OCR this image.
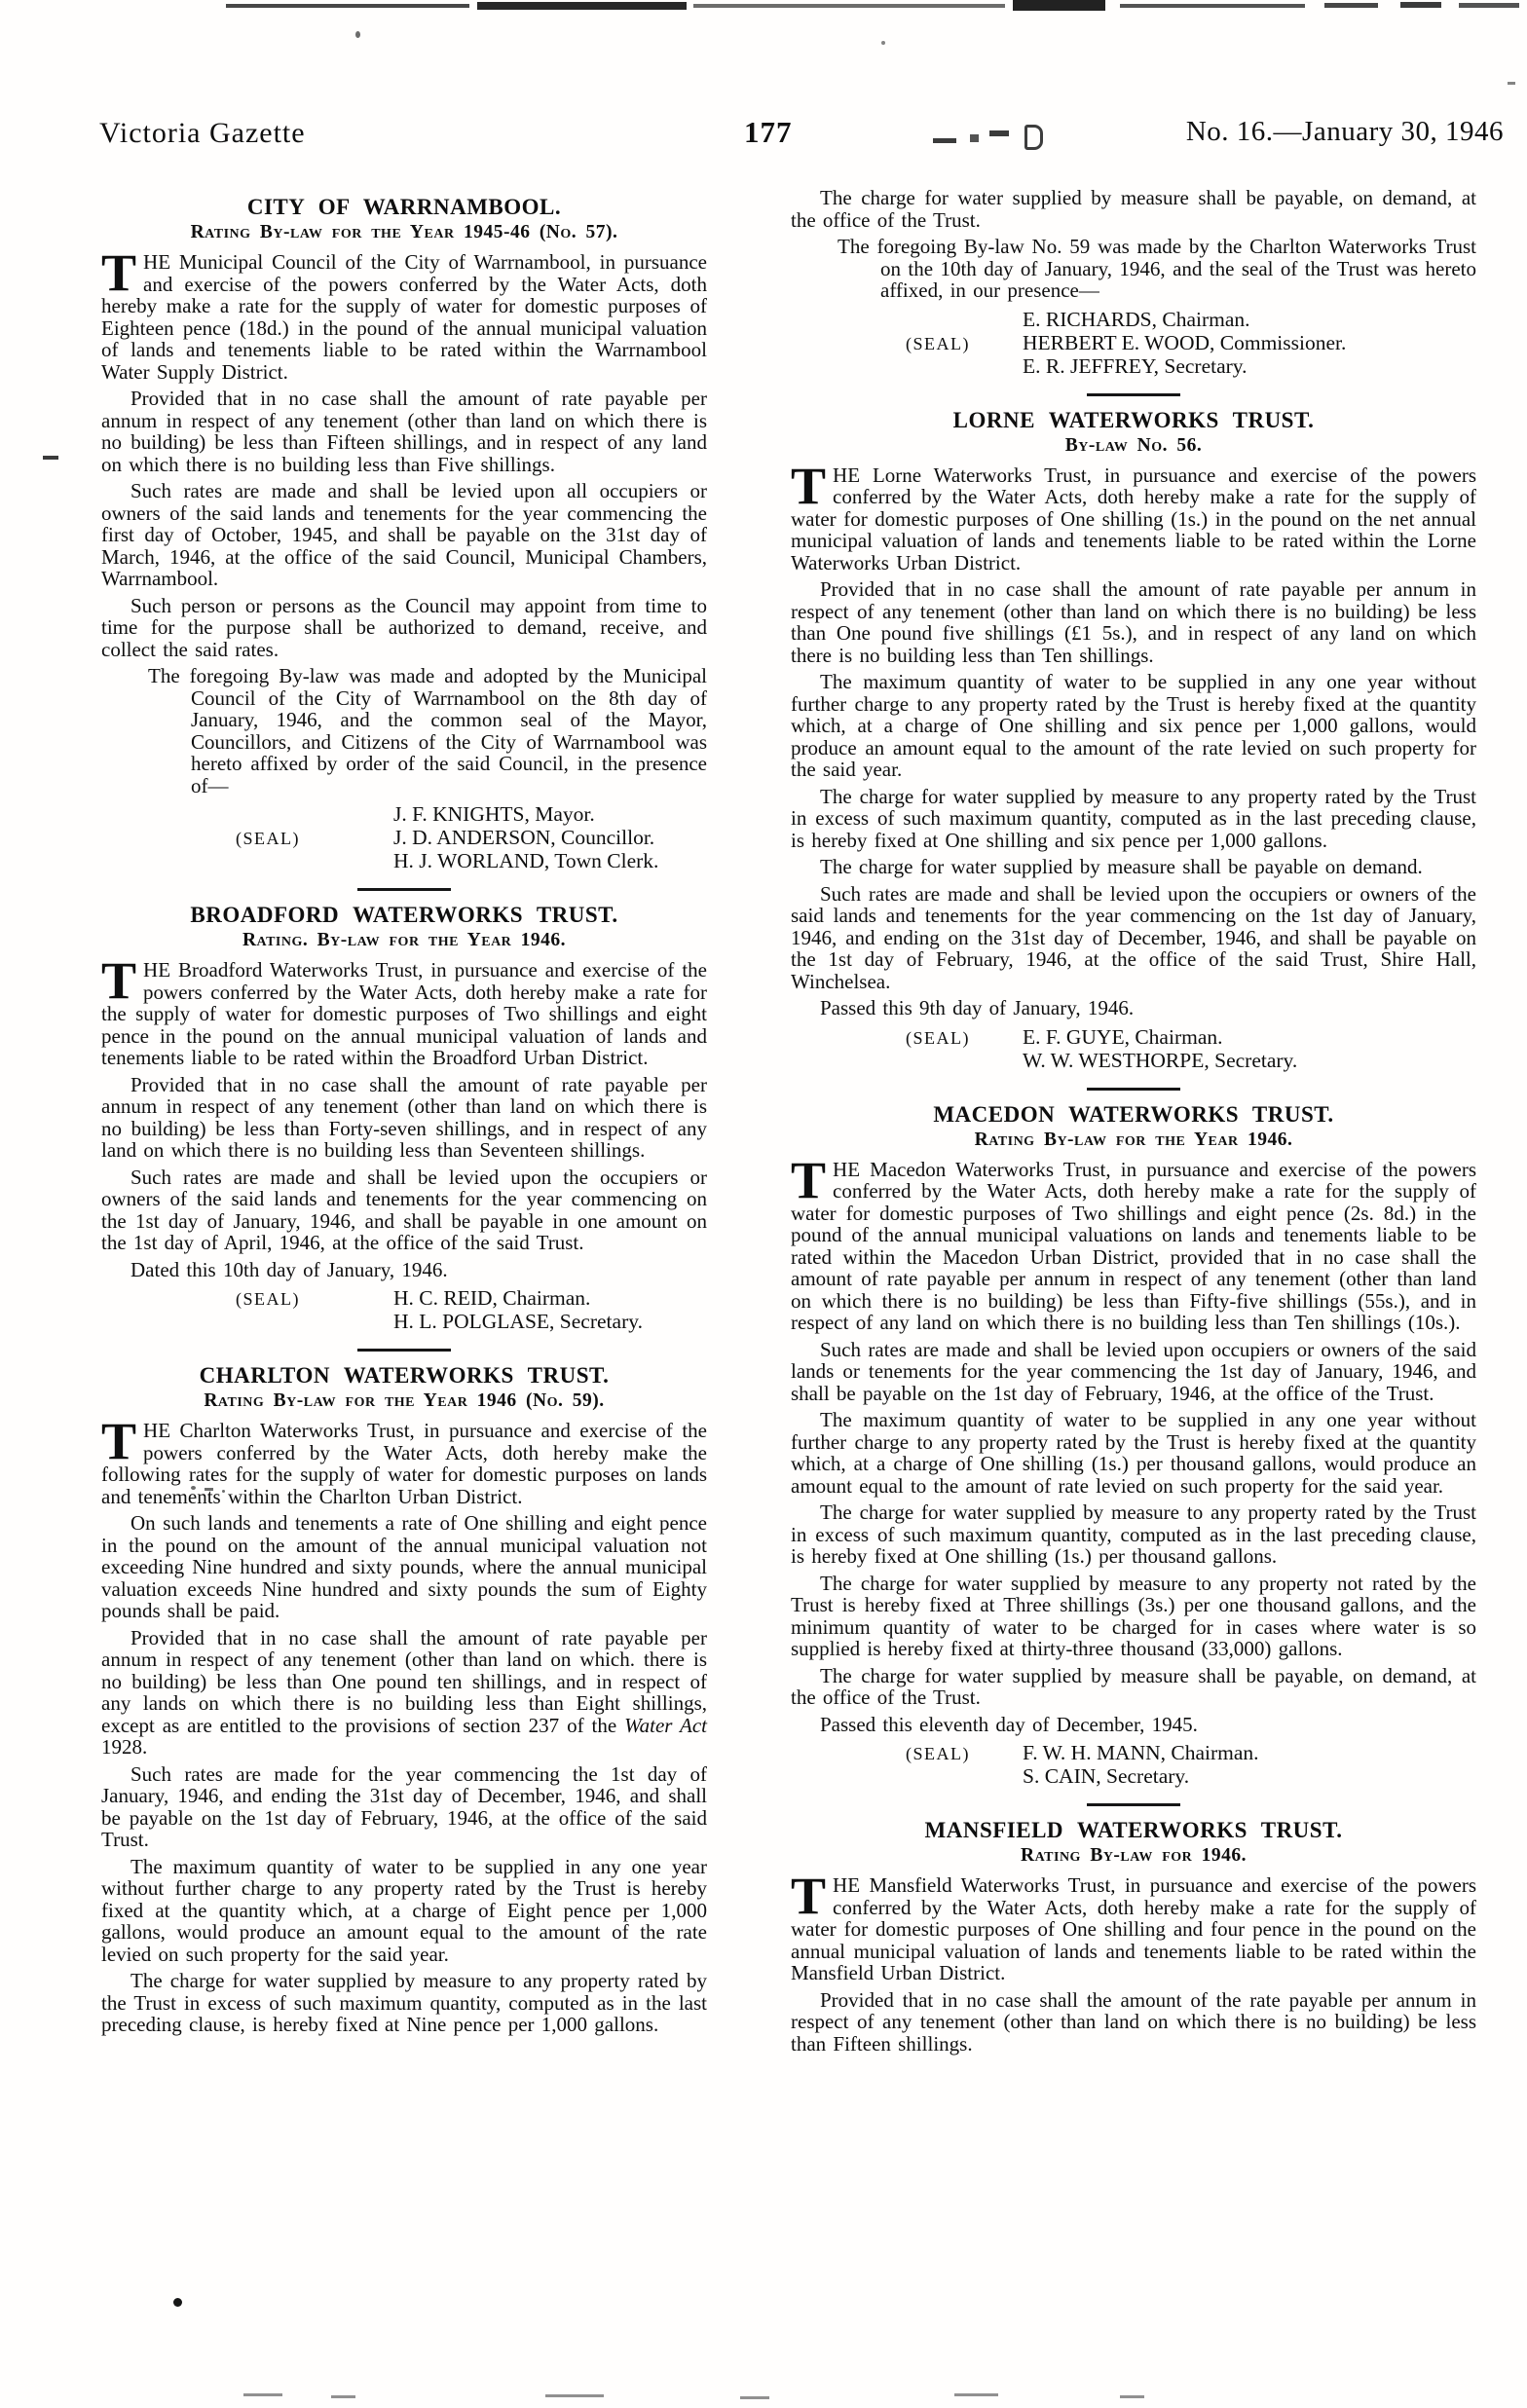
Victoria Gazette	177	No. 16.—January 30, 1946
CITY OF WARRNAMBOOL.
Rating By-law for the Year 1945-46 (No. 57).

THE Municipal Council of the City of Warrnambool, in pursuance and exercise of the powers conferred by the Water Acts, doth hereby make a rate for the supply of water for domestic purposes of Eighteen pence (18d.) in the pound of the annual municipal valuation of lands and tenements liable to be rated within the Warrnambool Water Supply District.

Provided that in no case shall the amount of rate payable per annum in respect of any tenement (other than land on which there is no building) be less than Fifteen shillings, and in respect of any land on which there is no building less than Five shillings.

Such rates are made and shall be levied upon all occupiers or owners of the said lands and tenements for the year commencing the first day of October, 1945, and shall be payable on the 31st day of March, 1946, at the office of the said Council, Municipal Chambers, Warrnambool.

Such person or persons as the Council may appoint from time to time for the purpose shall be authorized to demand, receive, and collect the said rates.

The foregoing By-law was made and adopted by the Municipal Council of the City of Warrnambool on the 8th day of January, 1946, and the common seal of the Mayor, Councillors, and Citizens of the City of Warrnambool was hereto affixed by order of the said Council, in the presence of—

(SEAL)
J. F. KNIGHTS, Mayor.
J. D. ANDERSON, Councillor.
H. J. WORLAND, Town Clerk.
BROADFORD WATERWORKS TRUST.
Rating. By-law for the Year 1946.

THE Broadford Waterworks Trust, in pursuance and exercise of the powers conferred by the Water Acts, doth hereby make a rate for the supply of water for domestic purposes of Two shillings and eight pence in the pound on the annual municipal valuation of lands and tenements liable to be rated within the Broadford Urban District.

Provided that in no case shall the amount of rate payable per annum in respect of any tenement (other than land on which there is no building) be less than Forty-seven shillings, and in respect of any land on which there is no building less than Seventeen shillings.

Such rates are made and shall be levied upon the occupiers or owners of the said lands and tenements for the year commencing on the 1st day of January, 1946, and shall be payable in one amount on the 1st day of April, 1946, at the office of the said Trust.

Dated this 10th day of January, 1946.

(SEAL)	H. C. REID, Chairman.
H. L. POLGLASE, Secretary.
CHARLTON WATERWORKS TRUST.
Rating By-law for the Year 1946 (No. 59).

THE Charlton Waterworks Trust, in pursuance and exercise of the powers conferred by the Water Acts, doth hereby make the following rates for the supply of water for domestic purposes on lands and tenements within the Charlton Urban District.

On such lands and tenements a rate of One shilling and eight pence in the pound on the amount of the annual municipal valuation not exceeding Nine hundred and sixty pounds, where the annual municipal valuation exceeds Nine hundred and sixty pounds the sum of Eighty pounds shall be paid.

Provided that in no case shall the amount of rate payable per annum in respect of any tenement (other than land on which. there is no building) be less than One pound ten shillings, and in respect of any lands on which there is no building less than Eight shillings, except as are entitled to the provisions of section 237 of the Water Act 1928.

Such rates are made for the year commencing the 1st day of January, 1946, and ending the 31st day of December, 1946, and shall be payable on the 1st day of February, 1946, at the office of the said Trust.

The maximum quantity of water to be supplied in any one year without further charge to any property rated by the Trust is hereby fixed at the quantity which, at a charge of Eight pence per 1,000 gallons, would produce an amount equal to the amount of the rate levied on such property for the said year.

The charge for water supplied by measure to any property rated by the Trust in excess of such maximum quantity, computed as in the last preceding clause, is hereby fixed at Nine pence per 1,000 gallons.

The charge for water supplied by measure shall be payable, on demand, at the office of the Trust.

The foregoing By-law No. 59 was made by the Charlton Waterworks Trust on the 10th day of January, 1946, and the seal of the Trust was hereto affixed, in our presence—

(SEAL)
E. RICHARDS, Chairman.
HERBERT E. WOOD, Commissioner.
E. R. JEFFREY, Secretary.
LORNE WATERWORKS TRUST.
By-law No. 56.

THE Lorne Waterworks Trust, in pursuance and exercise of the powers conferred by the Water Acts, doth hereby make a rate for the supply of water for domestic purposes of One shilling (1s.) in the pound on the net annual municipal valuation of lands and tenements liable to be rated within the Lorne Waterworks Urban District.

Provided that in no case shall the amount of rate payable per annum in respect of any tenement (other than land on which there is no building) be less than One pound five shillings (£1 5s.), and in respect of any land on which there is no building less than Ten shillings.

The maximum quantity of water to be supplied in any one year without further charge to any property rated by the Trust is hereby fixed at the quantity which, at a charge of One shilling and six pence per 1,000 gallons, would produce an amount equal to the amount of the rate levied on such property for the said year.

The charge for water supplied by measure to any property rated by the Trust in excess of such maximum quantity, computed as in the last preceding clause, is hereby fixed at One shilling and six pence per 1,000 gallons.

The charge for water supplied by measure shall be payable on demand.

Such rates are made and shall be levied upon the occupiers or owners of the said lands and tenements for the year commencing on the 1st day of January, 1946, and ending on the 31st day of December, 1946, and shall be payable on the 1st day of February, 1946, at the office of the said Trust, Shire Hall, Winchelsea.

Passed this 9th day of January, 1946.

(SEAL)	E. F. GUYE, Chairman.
W. W. WESTHORPE, Secretary.
MACEDON WATERWORKS TRUST.
Rating By-law for the Year 1946.

THE Macedon Waterworks Trust, in pursuance and exercise of the powers conferred by the Water Acts, doth hereby make a rate for the supply of water for domestic purposes of Two shillings and eight pence (2s. 8d.) in the pound of the annual municipal valuations on lands and tenements liable to be rated within the Macedon Urban District, provided that in no case shall the amount of rate payable per annum in respect of any tenement (other than land on which there is no building) be less than Fifty-five shillings (55s.), and in respect of any land on which there is no building less than Ten shillings (10s.).

Such rates are made and shall be levied upon occupiers or owners of the said lands or tenements for the year commencing the 1st day of January, 1946, and shall be payable on the 1st day of February, 1946, at the office of the Trust.

The maximum quantity of water to be supplied in any one year without further charge to any property rated by the Trust is hereby fixed at the quantity which, at a charge of One shilling (1s.) per thousand gallons, would produce an amount equal to the amount of rate levied on such property for the said year.

The charge for water supplied by measure to any property rated by the Trust in excess of such maximum quantity, computed as in the last preceding clause, is hereby fixed at One shilling (1s.) per thousand gallons.

The charge for water supplied by measure to any property not rated by the Trust is hereby fixed at Three shillings (3s.) per one thousand gallons, and the minimum quantity of water to be charged for in cases where water is so supplied is hereby fixed at thirty-three thousand (33,000) gallons.

The charge for water supplied by measure shall be payable, on demand, at the office of the Trust.

Passed this eleventh day of December, 1945.

(SEAL)	F. W. H. MANN, Chairman.
S. CAIN, Secretary.
MANSFIELD WATERWORKS TRUST.
Rating By-law for 1946.

THE Mansfield Waterworks Trust, in pursuance and exercise of the powers conferred by the Water Acts, doth hereby make a rate for the supply of water for domestic purposes of One shilling and four pence in the pound on the annual municipal valuation of lands and tenements liable to be rated within the Mansfield Urban District.

Provided that in no case shall the amount of the rate payable per annum in respect of any tenement (other than land on which there is no building) be less than Fifteen shillings.
